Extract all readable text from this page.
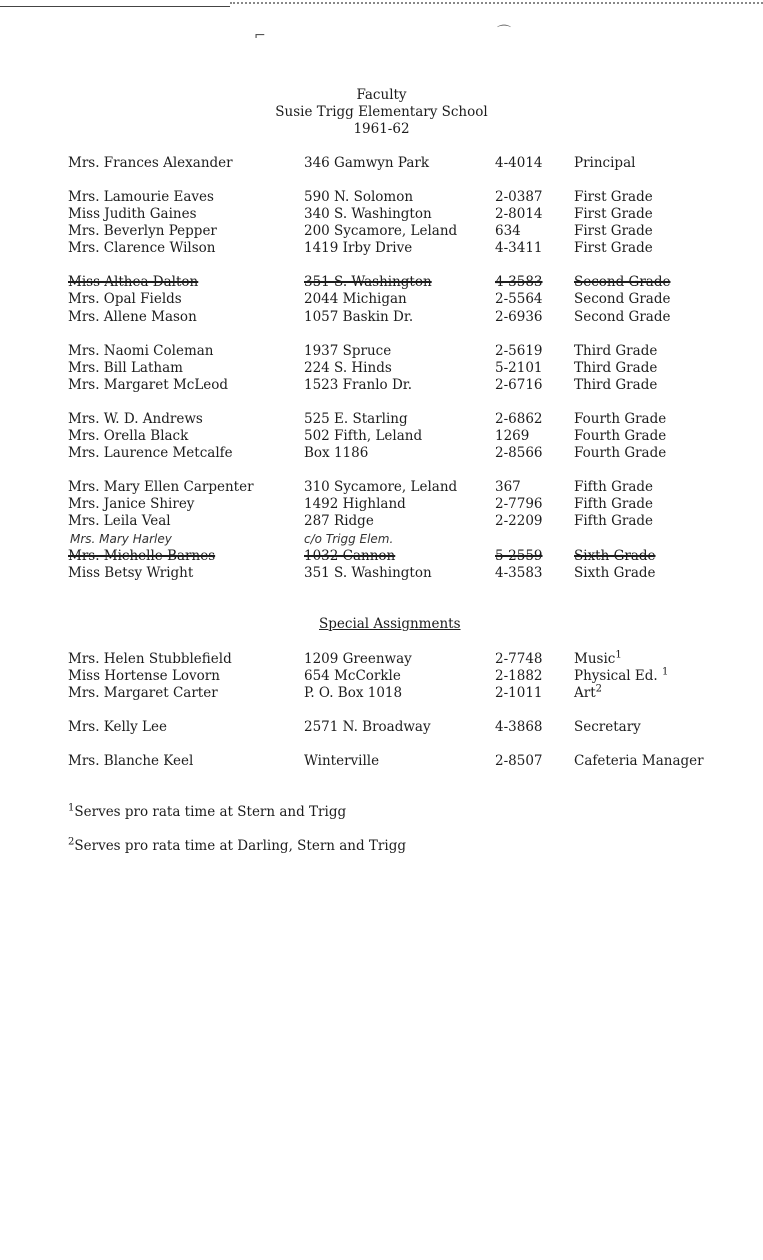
⌐	⌒
Faculty
Susie Trigg Elementary School
1961-62
Mrs. Frances Alexander	346 Gamwyn Park	4-4014 Principal
Mrs. Lamourie Eaves	590 N. Solomon	2-0387 First Grade
Miss Judith Gaines	340 S. Washington	2-8014 First Grade
Mrs. Beverlyn Pepper	200 Sycamore, Leland	634	First Grade
Mrs. Clarence Wilson	1419 Irby Drive	4-3411 First Grade
Miss Althea Dalton	351 S. Washington	4-3583 Second Grade
Mrs. Opal Fields	2044 Michigan	2-5564 Second Grade
Mrs. Allene Mason	1057 Baskin Dr.	2-6936 Second Grade
Mrs. Naomi Coleman	1937 Spruce	2-5619 Third Grade
Mrs. Bill Latham	224 S. Hinds	5-2101 Third Grade
Mrs. Margaret McLeod	1523 Franlo Dr.	2-6716 Third Grade
Mrs. W. D. Andrews	525 E. Starling	2-6862 Fourth Grade
Mrs. Orella Black	502 Fifth, Leland	1269	Fourth Grade
Mrs. Laurence Metcalfe	Box 1186	2-8566 Fourth Grade
Mrs. Mary Ellen Carpenter	310 Sycamore, Leland	367	Fifth Grade
Mrs. Janice Shirey	1492 Highland	2-7796 Fifth Grade
Mrs. Leila Veal	287 Ridge	2-2209 Fifth Grade
Mrs. Mary Harley	c/o Trigg Elem.
Mrs. Michelle Barnes	1032 Cannon	5-2559 Sixth Grade
Miss Betsy Wright	351 S. Washington	4-3583 Sixth Grade
Special Assignments
Mrs. Helen Stubblefield	1209 Greenway	2-7748 Music$^1$
Miss Hortense Lovorn	654 McCorkle	2-1882 Physical Ed. $^1$
Mrs. Margaret Carter	P. O. Box 1018	2-1011 Art$^2$
Mrs. Kelly Lee	2571 N. Broadway	4-3868 Secretary
Mrs. Blanche Keel	Winterville	2-8507 Cafeteria Manager
$^1$Serves pro rata time at Stern and Trigg
$^2$Serves pro rata time at Darling, Stern and Trigg
